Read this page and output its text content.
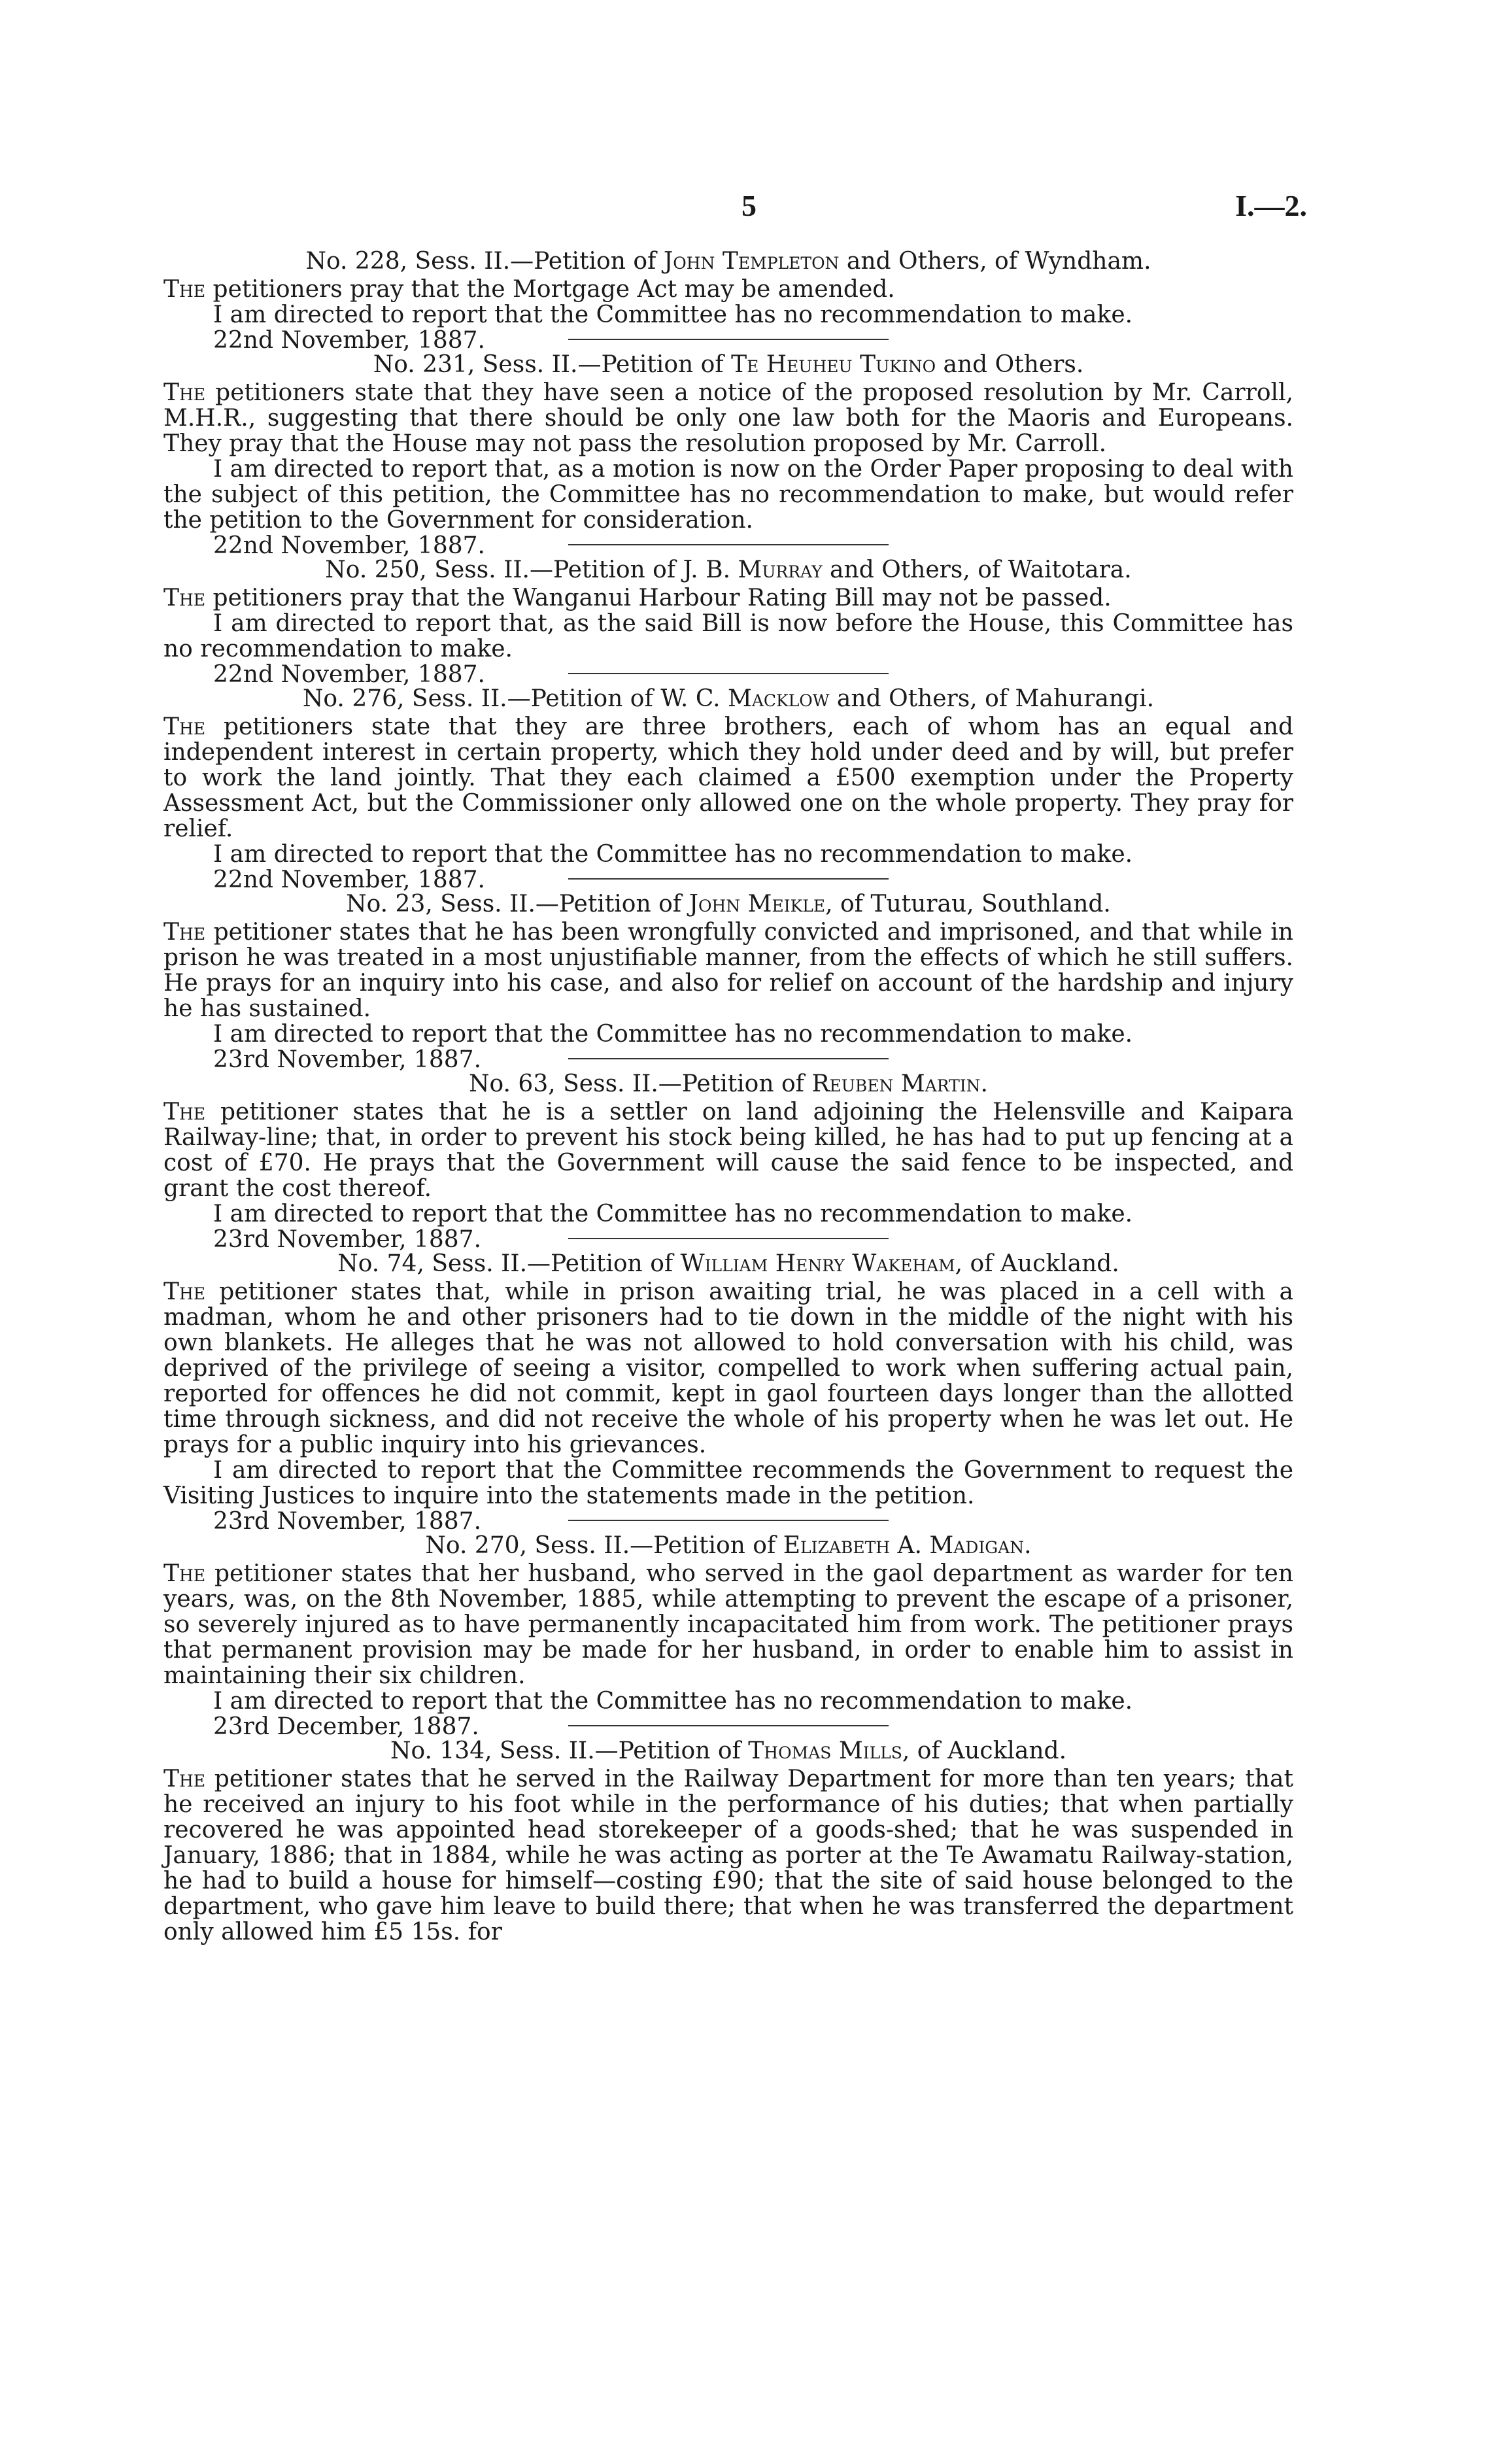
5	I.—2.

No. 228, Sess. II.—Petition of John Templeton and Others, of Wyndham.

The petitioners pray that the Mortgage Act may be amended.

I am directed to report that the Committee has no recommendation to make.

22nd November, 1887.

No. 231, Sess. II.—Petition of Te Heuheu Tukino and Others.

The petitioners state that they have seen a notice of the proposed resolution by Mr. Carroll, M.H.R., suggesting that there should be only one law both for the Maoris and Europeans. They pray that the House may not pass the resolution proposed by Mr. Carroll.

I am directed to report that, as a motion is now on the Order Paper proposing to deal with the subject of this petition, the Committee has no recommendation to make, but would refer the petition to the Government for consideration.

22nd November, 1887.

No. 250, Sess. II.—Petition of J. B. Murray and Others, of Waitotara.

The petitioners pray that the Wanganui Harbour Rating Bill may not be passed.

I am directed to report that, as the said Bill is now before the House, this Committee has no recommendation to make.

22nd November, 1887.

No. 276, Sess. II.—Petition of W. C. Macklow and Others, of Mahurangi.

The petitioners state that they are three brothers, each of whom has an equal and independent interest in certain property, which they hold under deed and by will, but prefer to work the land jointly. That they each claimed a £500 exemption under the Property Assessment Act, but the Commissioner only allowed one on the whole property. They pray for relief.

I am directed to report that the Committee has no recommendation to make.

22nd November, 1887.

No. 23, Sess. II.—Petition of John Meikle, of Tuturau, Southland.

The petitioner states that he has been wrongfully convicted and imprisoned, and that while in prison he was treated in a most unjustifiable manner, from the effects of which he still suffers. He prays for an inquiry into his case, and also for relief on account of the hardship and injury he has sustained.

I am directed to report that the Committee has no recommendation to make.

23rd November, 1887.

No. 63, Sess. II.—Petition of Reuben Martin.

The petitioner states that he is a settler on land adjoining the Helensville and Kaipara Railway-line; that, in order to prevent his stock being killed, he has had to put up fencing at a cost of £70. He prays that the Government will cause the said fence to be inspected, and grant the cost thereof.

I am directed to report that the Committee has no recommendation to make.

23rd November, 1887.

No. 74, Sess. II.—Petition of William Henry Wakeham, of Auckland.

The petitioner states that, while in prison awaiting trial, he was placed in a cell with a madman, whom he and other prisoners had to tie down in the middle of the night with his own blankets. He alleges that he was not allowed to hold conversation with his child, was deprived of the privilege of seeing a visitor, compelled to work when suffering actual pain, reported for offences he did not commit, kept in gaol fourteen days longer than the allotted time through sickness, and did not receive the whole of his property when he was let out. He prays for a public inquiry into his grievances.

I am directed to report that the Committee recommends the Government to request the Visiting Justices to inquire into the statements made in the petition.

23rd November, 1887.

No. 270, Sess. II.—Petition of Elizabeth A. Madigan.

The petitioner states that her husband, who served in the gaol department as warder for ten years, was, on the 8th November, 1885, while attempting to prevent the escape of a prisoner, so severely injured as to have permanently incapacitated him from work. The petitioner prays that permanent provision may be made for her husband, in order to enable him to assist in maintaining their six children.

I am directed to report that the Committee has no recommendation to make.

23rd December, 1887.

No. 134, Sess. II.—Petition of Thomas Mills, of Auckland.

The petitioner states that he served in the Railway Department for more than ten years; that he received an injury to his foot while in the performance of his duties; that when partially recovered he was appointed head storekeeper of a goods-shed; that he was suspended in January, 1886; that in 1884, while he was acting as porter at the Te Awamatu Railway-station, he had to build a house for himself—costing £90; that the site of said house belonged to the department, who gave him leave to build there; that when he was transferred the department only allowed him £5 15s. for
